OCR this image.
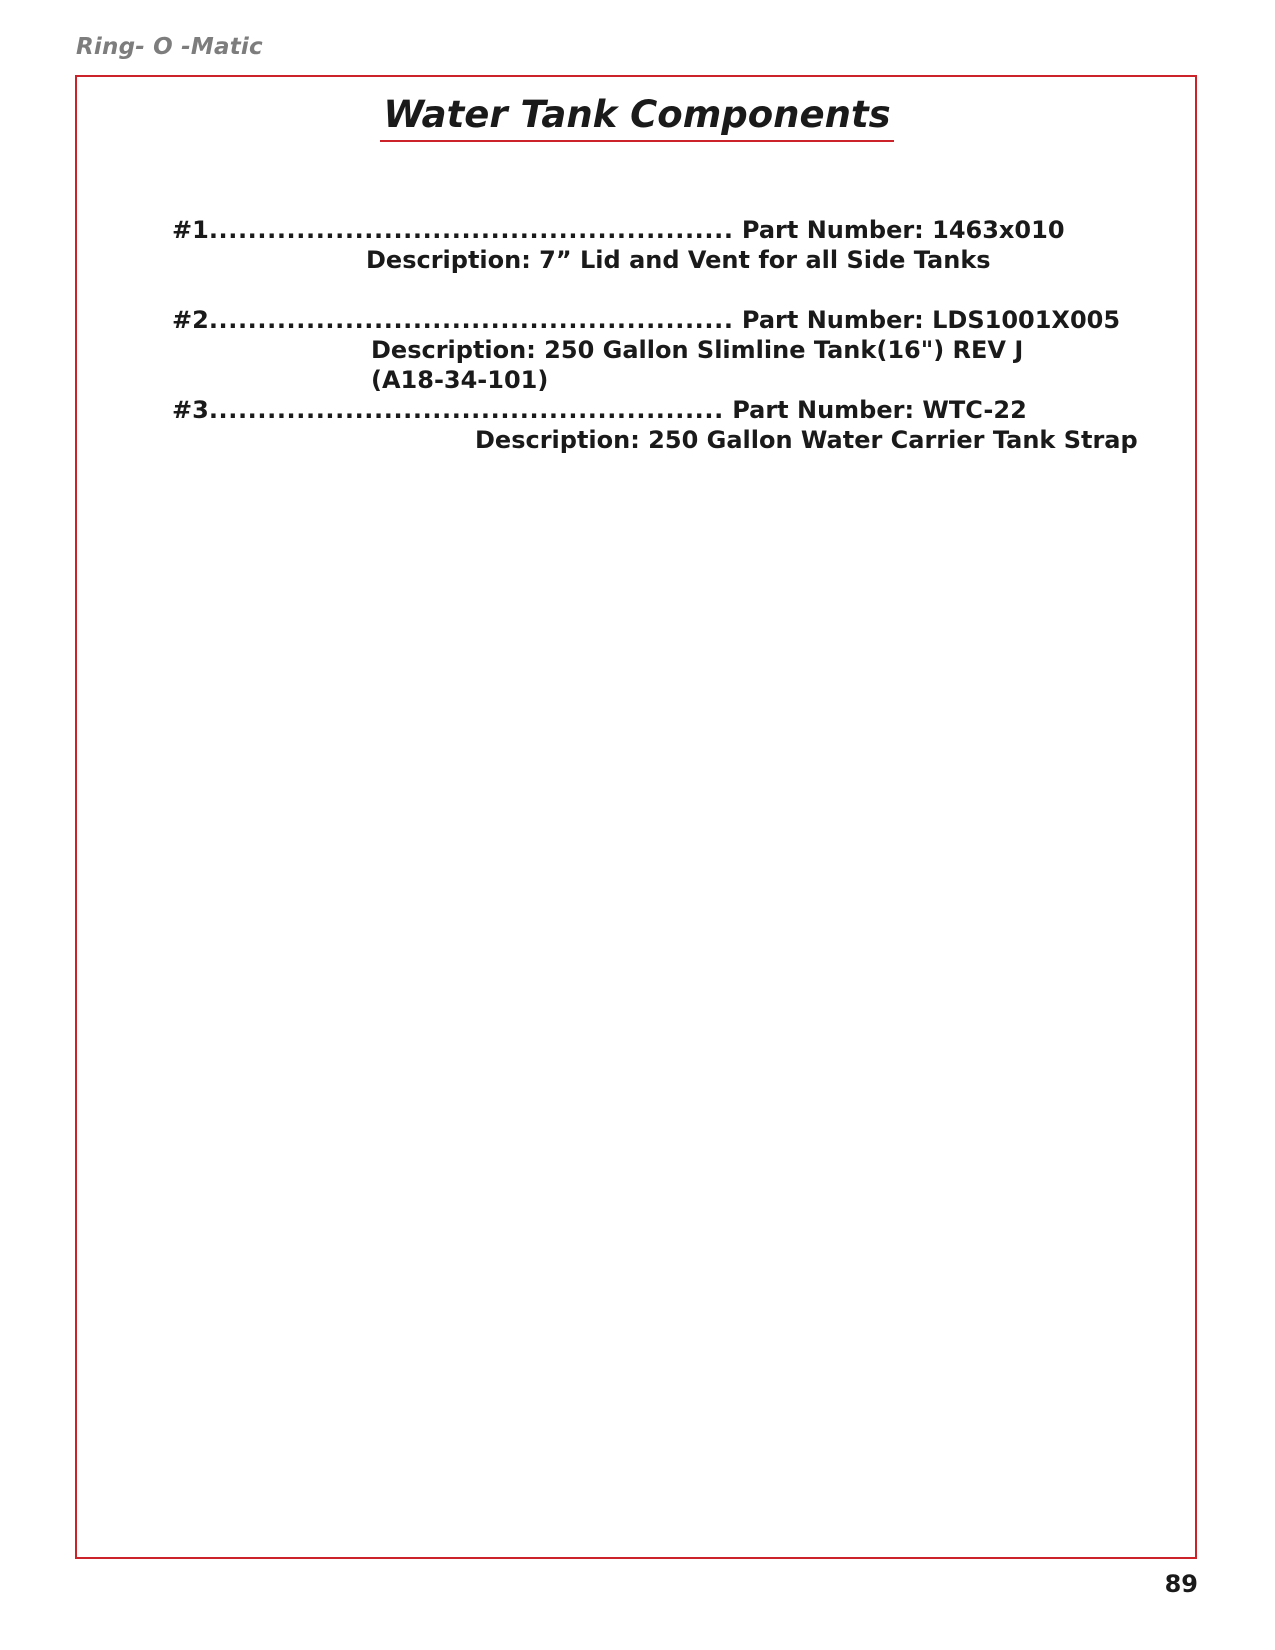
Ring- O -Matic
Water Tank Components
#1...................................................... Part Number: 1463x010
Description: 7” Lid and Vent for all Side Tanks
#2...................................................... Part Number: LDS1001X005
Description: 250 Gallon Slimline Tank(16") REV J
(A18-34-101)
#3..................................................... Part Number: WTC-22
Description: 250 Gallon Water Carrier Tank Strap
89
